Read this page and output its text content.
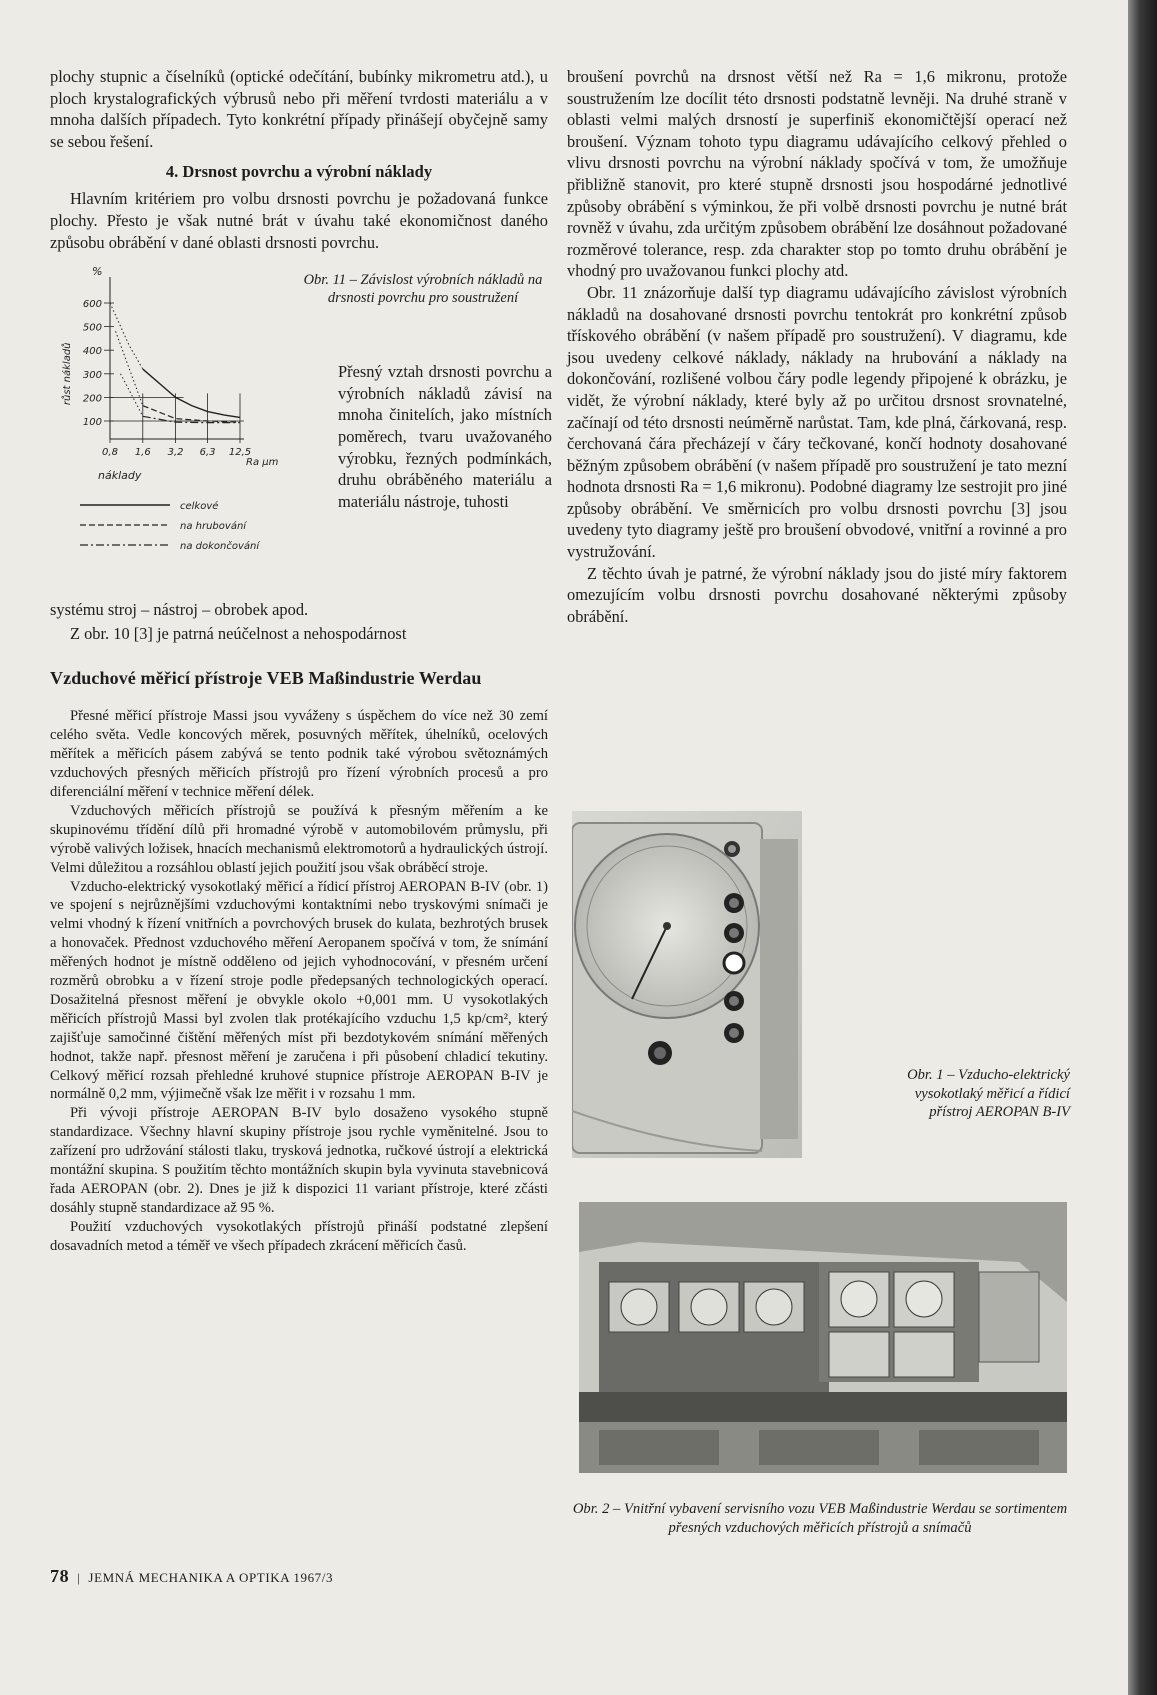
plochy stupnic a číselníků (optické odečítání, bubínky mikrometru atd.), u ploch krystalografických výbrusů nebo při měření tvrdosti materiálu a v mnoha dalších případech. Tyto konkrétní případy přinášejí obyčejně samy se sebou řešení.

4. Drsnost povrchu a výrobní náklady

Hlavním kritériem pro volbu drsnosti povrchu je požadovaná funkce plochy. Přesto je však nutné brát v úvahu také ekonomičnost daného způsobu obrábění v dané oblasti drsnosti povrchu.

100
200
300
400
500
600
%
růst nákladů
0,8 1,6 3,2 6,3 12,5
Ra µm
náklady
celkové
na hrubování
na dokončování
Obr. 11 – Závislost výrobních nákladů na drsnosti povrchu pro soustružení
Přesný vztah drsnosti povrchu a výrobních nákladů závisí na mnoha činitelích, jako místních poměrech, tvaru uvažovaného výrobku, řezných podmínkách, druhu obráběného materiálu a materiálu nástroje, tuhosti

systému stroj – nástroj – obrobek apod.

Z obr. 10 [3] je patrná neúčelnost a nehospodárnost

Vzduchové měřicí přístroje VEB Maßindustrie Werdau

Přesné měřicí přístroje Massi jsou vyváženy s úspěchem do více než 30 zemí celého světa. Vedle koncových měrek, posuvných měřítek, úhelníků, ocelových měřítek a měřicích pásem zabývá se tento podnik také výrobou světoznámých vzduchových přesných měřicích přístrojů pro řízení výrobních procesů a pro diferenciální měření v technice měření délek.

Vzduchových měřicích přístrojů se používá k přesným měřením a ke skupinovému třídění dílů při hromadné výrobě v automobilovém průmyslu, při výrobě valivých ložisek, hnacích mechanismů elektromotorů a hydraulických ústrojí. Velmi důležitou a rozsáhlou oblastí jejich použití jsou však obráběcí stroje.

Vzducho-elektrický vysokotlaký měřicí a řídicí přístroj AEROPAN B-IV (obr. 1) ve spojení s nejrůznějšími vzduchovými kontaktními nebo tryskovými snímači je velmi vhodný k řízení vnitřních a povrchových brusek do kulata, bezhrotých brusek a honovaček. Přednost vzduchového měření Aeropanem spočívá v tom, že snímání měřených hodnot je místně odděleno od jejich vyhodnocování, v přesném určení rozměrů obrobku a v řízení stroje podle předepsaných technologických operací. Dosažitelná přesnost měření je obvykle okolo +0,001 mm. U vysokotlakých měřicích přístrojů Massi byl zvolen tlak protékajícího vzduchu 1,5 kp/cm², který zajišťuje samočinné čištění měřených míst při bezdotykovém snímání měřených hodnot, takže např. přesnost měření je zaručena i při působení chladicí tekutiny. Celkový měřicí rozsah přehledné kruhové stupnice přístroje AEROPAN B-IV je normálně 0,2 mm, výjimečně však lze měřit i v rozsahu 1 mm.

Při vývoji přístroje AEROPAN B-IV bylo dosaženo vysokého stupně standardizace. Všechny hlavní skupiny přístroje jsou rychle vyměnitelné. Jsou to zařízení pro udržování stálosti tlaku, trysková jednotka, ručkové ústrojí a elektrická montážní skupina. S použitím těchto montážních skupin byla vyvinuta stavebnicová řada AEROPAN (obr. 2). Dnes je již k dispozici 11 variant přístroje, které zčásti dosáhly stupně standardizace až 95 %.

Použití vzduchových vysokotlakých přístrojů přináší podstatné zlepšení dosavadních metod a téměř ve všech případech zkrácení měřicích časů.

broušení povrchů na drsnost větší než Ra = 1,6 mikronu, protože soustružením lze docílit této drsnosti podstatně levněji. Na druhé straně v oblasti velmi malých drsností je superfiniš ekonomičtější operací než broušení. Význam tohoto typu diagramu udávajícího celkový přehled o vlivu drsnosti povrchu na výrobní náklady spočívá v tom, že umožňuje přibližně stanovit, pro které stupně drsnosti jsou hospodárné jednotlivé způsoby obrábění s výminkou, že při volbě drsnosti povrchu je nutné brát rovněž v úvahu, zda určitým způsobem obrábění lze dosáhnout požadované rozměrové tolerance, resp. zda charakter stop po tomto druhu obrábění je vhodný pro uvažovanou funkci plochy atd.

Obr. 11 znázorňuje další typ diagramu udávajícího závislost výrobních nákladů na dosahované drsnosti povrchu tentokrát pro konkrétní způsob třískového obrábění (v našem případě pro soustružení). V diagramu, kde jsou uvedeny celkové náklady, náklady na hrubování a náklady na dokončování, rozlišené volbou čáry podle legendy připojené k obrázku, je vidět, že výrobní náklady, které byly až po určitou drsnost srovnatelné, začínají od této drsnosti neúměrně narůstat. Tam, kde plná, čárkovaná, resp. čerchovaná čára přecházejí v čáry tečkované, končí hodnoty dosahované běžným způsobem obrábění (v našem případě pro soustružení je tato mezní hodnota drsnosti Ra = 1,6 mikronu). Podobné diagramy lze sestrojit pro jiné způsoby obrábění. Ve směrnicích pro volbu drsnosti povrchu [3] jsou uvedeny tyto diagramy ještě pro broušení obvodové, vnitřní a rovinné a pro vystružování.

Z těchto úvah je patrné, že výrobní náklady jsou do jisté míry faktorem omezujícím volbu drsnosti povrchu dosahované některými způsoby obrábění.

Obr. 1 – Vzducho-elektrický vysokotlaký měřicí a řídicí přístroj AEROPAN B-IV
Obr. 2 – Vnitřní vybavení servisního vozu VEB Maßindustrie Werdau se sortimentem přesných vzduchových měřicích přístrojů a snímačů
78 | JEMNÁ MECHANIKA A OPTIKA 1967/3
